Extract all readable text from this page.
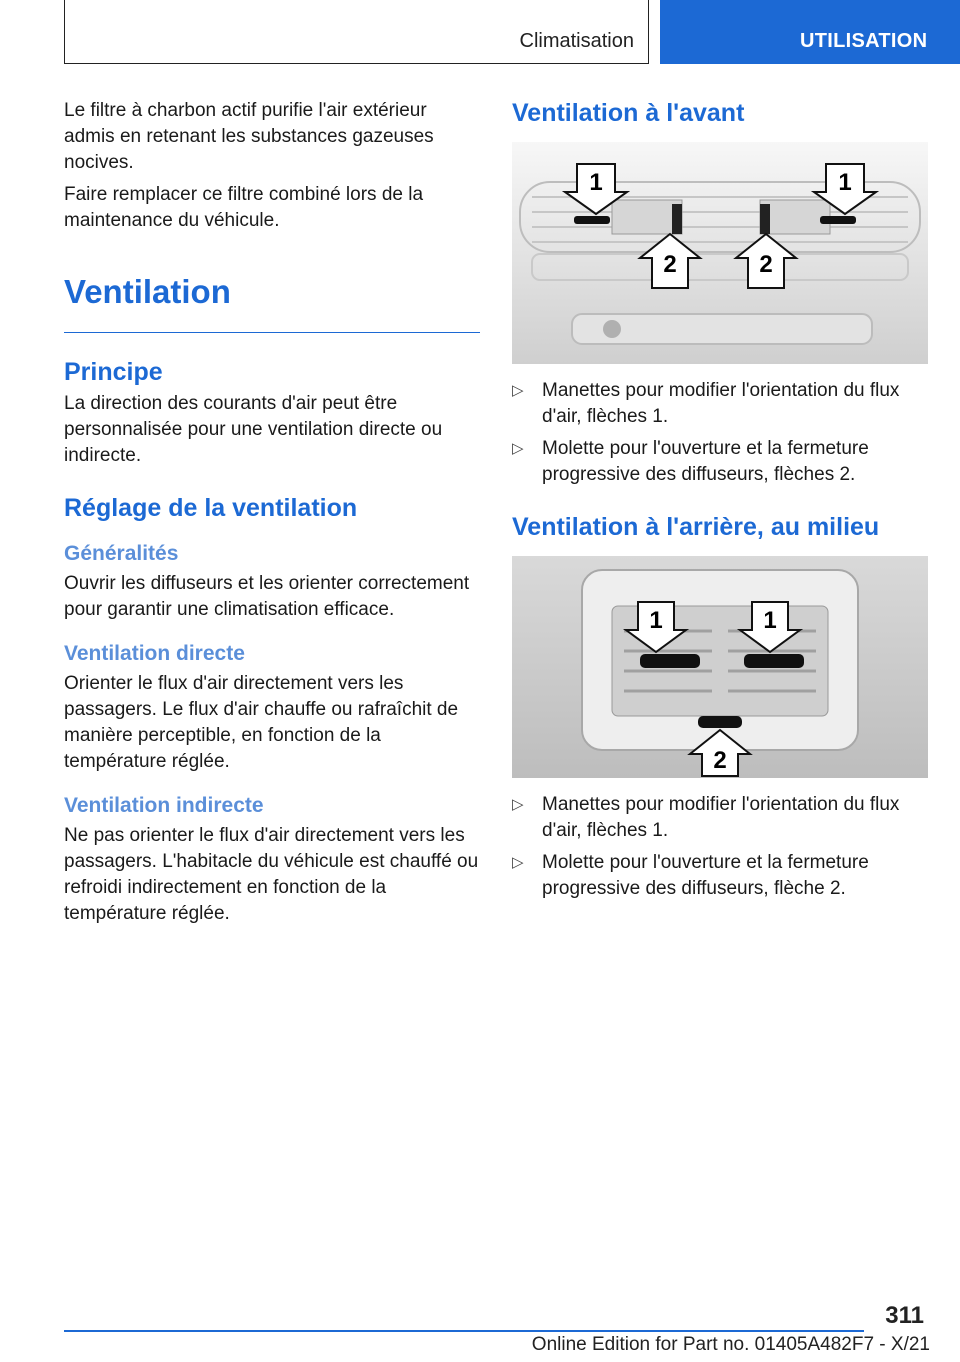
Climatisation	UTILISATION

Le filtre à charbon actif purifie l'air extérieur admis en retenant les substances gazeuses nocives.

Faire remplacer ce filtre combiné lors de la maintenance du véhicule.

Ventilation
Principe

La direction des courants d'air peut être personnalisée pour une ventilation directe ou indirecte.

Réglage de la ventilation
Généralités

Ouvrir les diffuseurs et les orienter correctement pour garantir une climatisation efficace.

Ventilation directe

Orienter le flux d'air directement vers les passagers. Le flux d'air chauffe ou rafraîchit de manière perceptible, en fonction de la température réglée.

Ventilation indirecte

Ne pas orienter le flux d'air directement vers les passagers. L'habitacle du véhicule est chauffé ou refroidi indirectement en fonction de la température réglée.

Ventilation à l'avant
1	1
2	2
▷ Manettes pour modifier l'orientation du flux d'air, flèches 1.
▷ Molette pour l'ouverture et la fermeture progressive des diffuseurs, flèches 2.
Ventilation à l'arrière, au milieu
1	1
2
▷ Manettes pour modifier l'orientation du flux d'air, flèches 1.
▷ Molette pour l'ouverture et la fermeture progressive des diffuseurs, flèche 2.
311
Online Edition for Part no. 01405A482F7 - X/21
